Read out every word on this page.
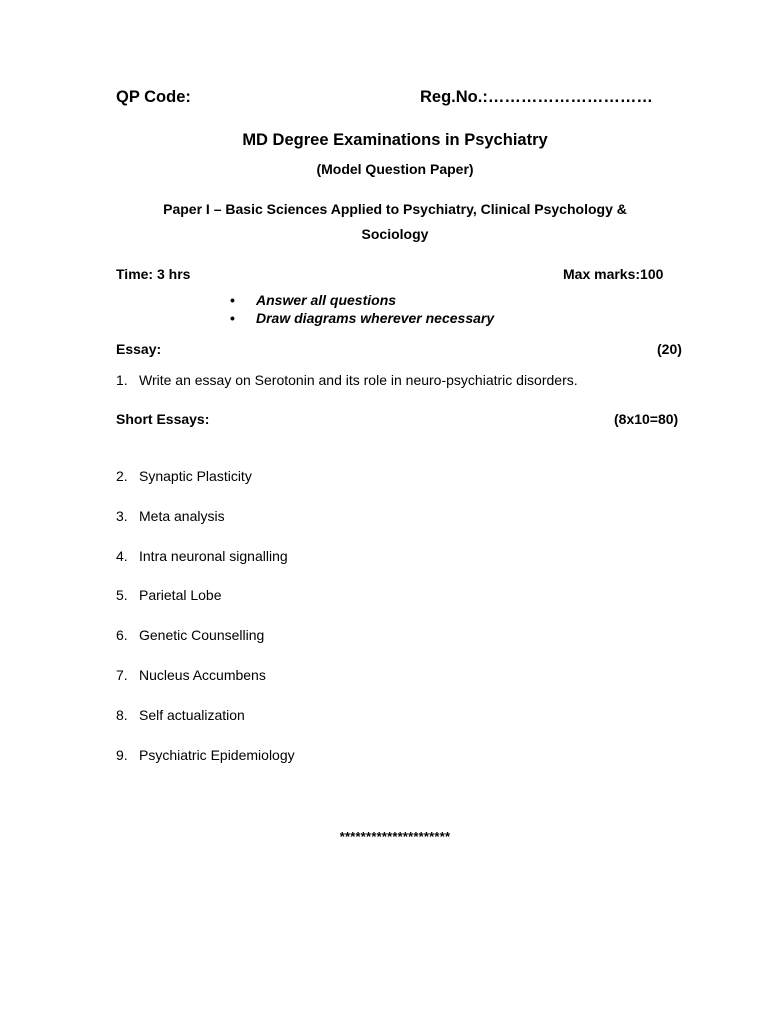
QP Code:	Reg.No.:…………………………
MD Degree Examinations in Psychiatry
(Model Question Paper)
Paper I – Basic Sciences Applied to Psychiatry, Clinical Psychology &
Sociology
Time: 3 hrs	Max marks:100
• Answer all questions
• Draw diagrams wherever necessary
Essay:	(20)
1. Write an essay on Serotonin and its role in neuro-psychiatric disorders.
Short Essays:	(8x10=80)
2. Synaptic Plasticity
3. Meta analysis
4. Intra neuronal signalling
5. Parietal Lobe
6. Genetic Counselling
7. Nucleus Accumbens
8. Self actualization
9. Psychiatric Epidemiology
*********************
